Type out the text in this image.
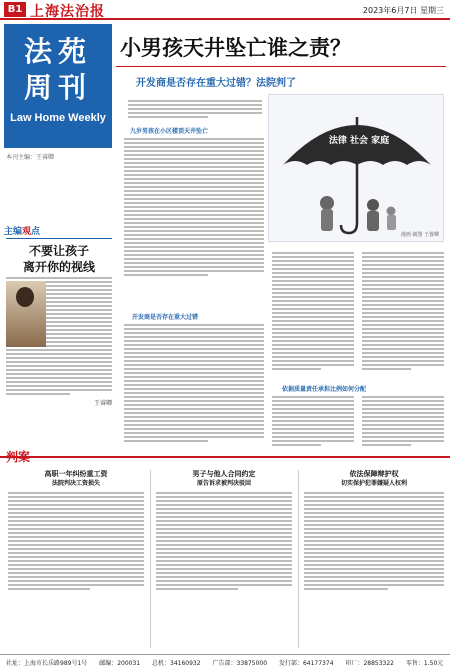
B1 上海法治报	2023年6月7日 星期三
法苑
周刊
Law Home Weekly
本刊主编：王睿卿
主编观点
不要让孩子
离开你的视线
王睿卿
小男孩天井坠亡谁之责？
开发商是否存在重大过错？法院判了
九岁男孩在小区楼顶天井坠亡
开发商是否存在重大过错
法律 社会 家庭
漫画 制图 王睿卿
依据质量责任承担比例如何分配
判案
高职一年纠纷重工资
法院判决工资损失
男子与他人合同约定
原告诉求被判决驳回
依法保障辩护权
切实保护犯罪嫌疑人权利
社址：上海市长乐路989号1号 邮编：200031 总机：34160932 广告部：33875000 发行部：64177374 印厂：28853322 零售：1.50元
